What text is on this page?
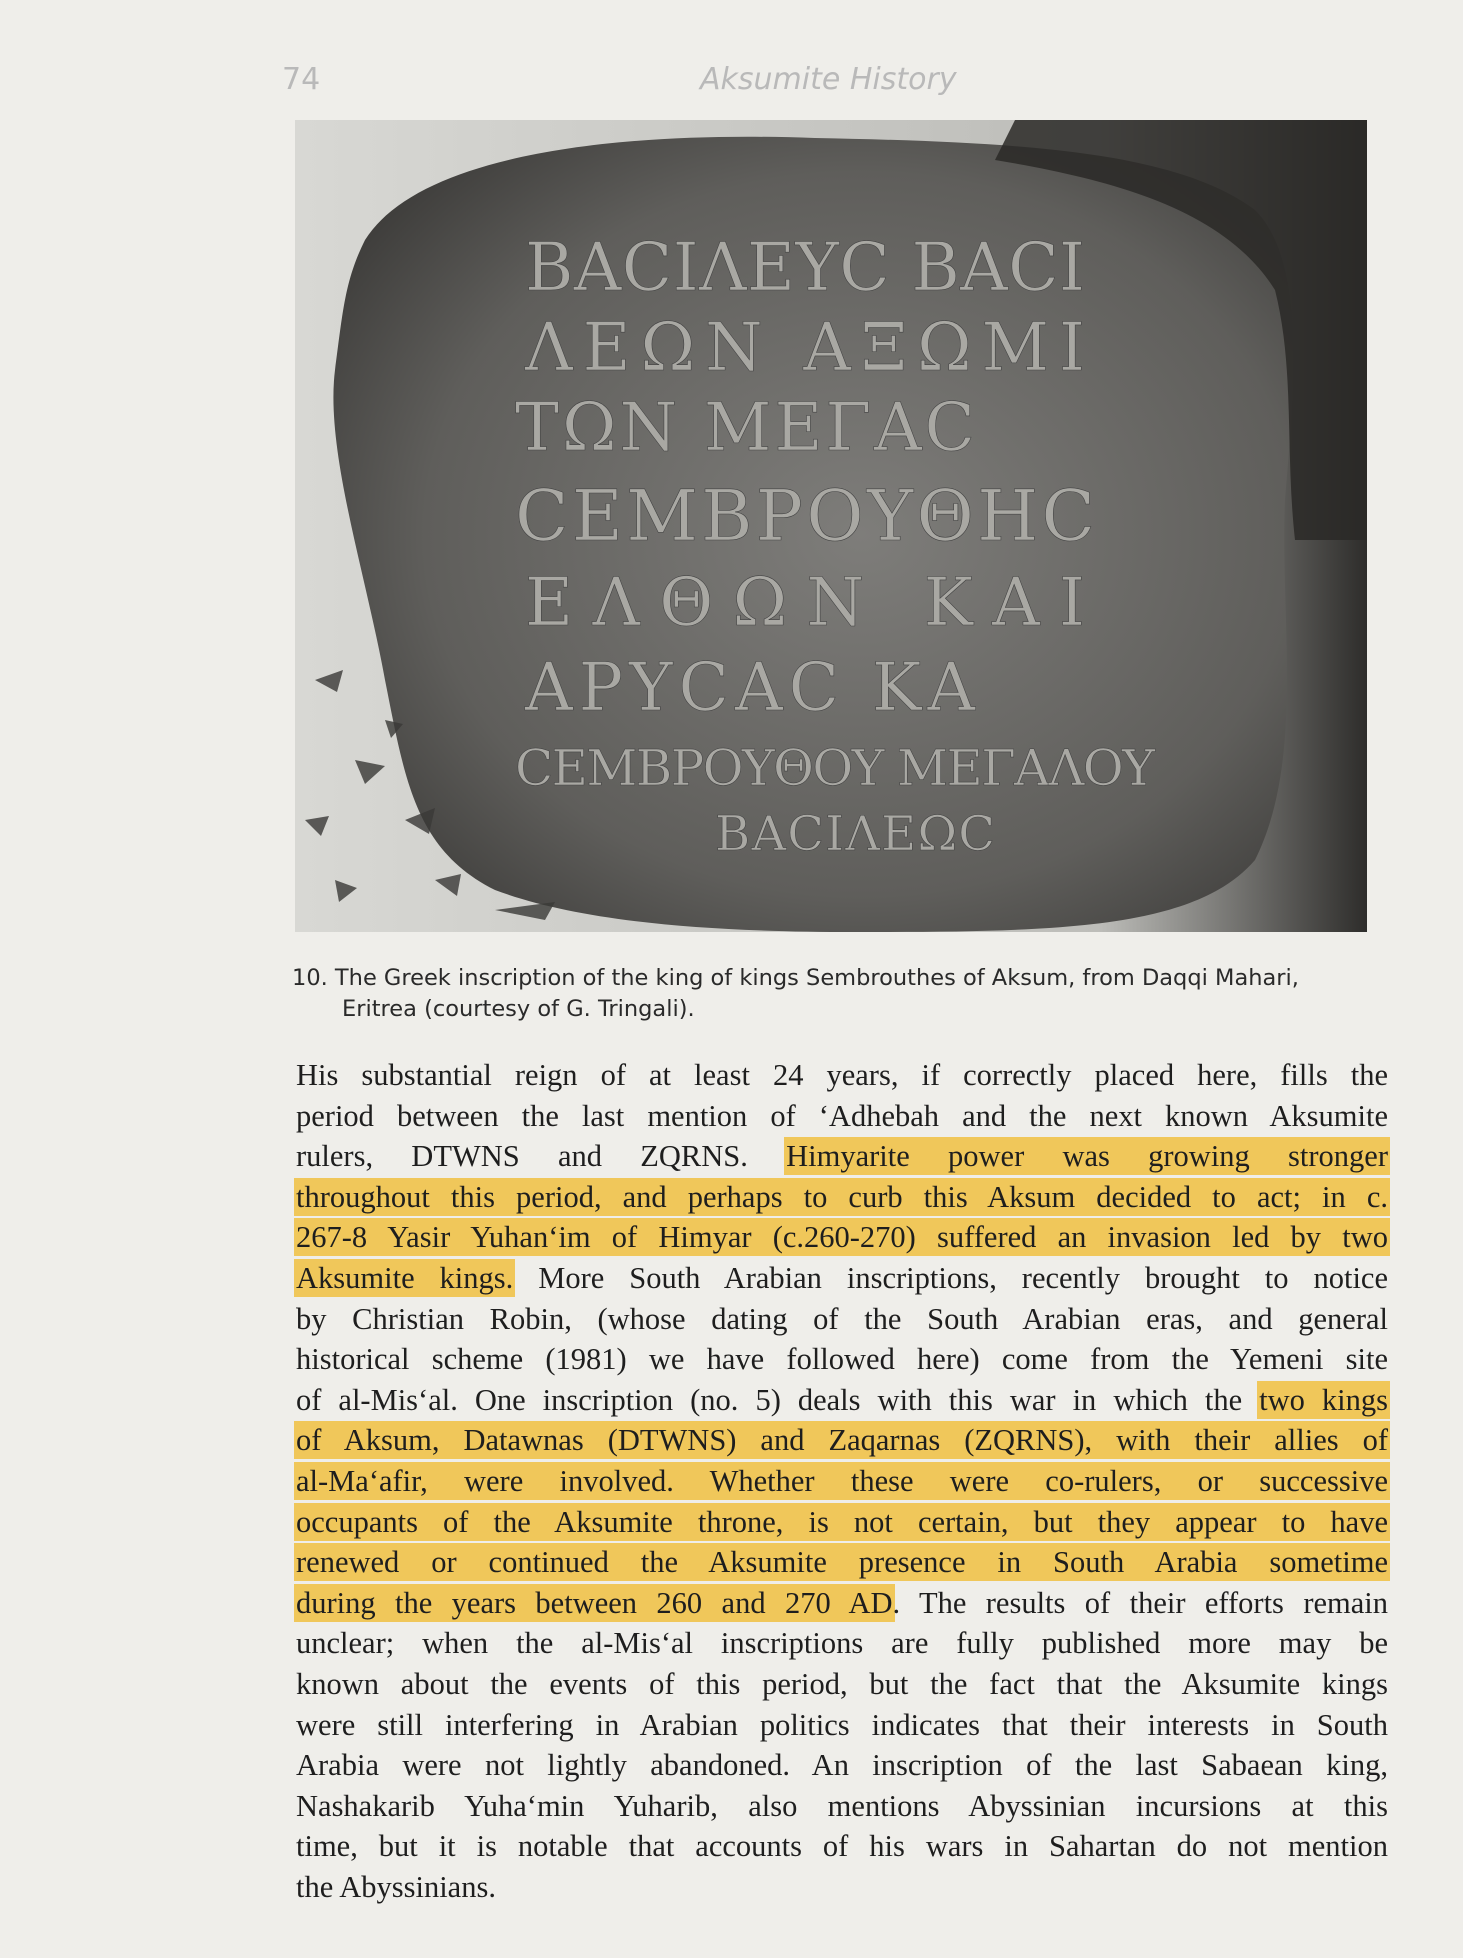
74	Aksumite History
ΒΑCΙΛΕΥC ΒΑCΙ
ΛΕΩΝ ΑΞΩΜΙ
ΤΩΝ ΜΕΓΑC
CΕΜΒΡΟΥΘΗC
ΕΛΘΩΝ ΚΑΙ
ΑΡΥCΑC ΚΑ
CΕΜΒΡΟΥΘΟΥ ΜΕΓΑΛΟΥ
ΒΑCΙΛΕΩC
10. The Greek inscription of the king of kings Sembrouthes of Aksum, from Daqqi Mahari,
Eritrea (courtesy of G. Tringali).
His substantial reign of at least 24 years, if correctly placed here, fills the
period between the last mention of ‘Adhebah and the next known Aksumite
rulers, DTWNS and ZQRNS. Himyarite power was growing stronger
throughout this period, and perhaps to curb this Aksum decided to act; in c.
267-8 Yasir Yuhan‘im of Himyar (c.260-270) suffered an invasion led by two
Aksumite kings. More South Arabian inscriptions, recently brought to notice
by Christian Robin, (whose dating of the South Arabian eras, and general
historical scheme (1981) we have followed here) come from the Yemeni site
of al-Mis‘al. One inscription (no. 5) deals with this war in which the two kings
of Aksum, Datawnas (DTWNS) and Zaqarnas (ZQRNS), with their allies of
al-Ma‘afir, were involved. Whether these were co-rulers, or successive
occupants of the Aksumite throne, is not certain, but they appear to have
renewed or continued the Aksumite presence in South Arabia sometime
during the years between 260 and 270 AD. The results of their efforts remain
unclear; when the al-Mis‘al inscriptions are fully published more may be
known about the events of this period, but the fact that the Aksumite kings
were still interfering in Arabian politics indicates that their interests in South
Arabia were not lightly abandoned. An inscription of the last Sabaean king,
Nashakarib Yuha‘min Yuharib, also mentions Abyssinian incursions at this
time, but it is notable that accounts of his wars in Sahartan do not mention
the Abyssinians.
